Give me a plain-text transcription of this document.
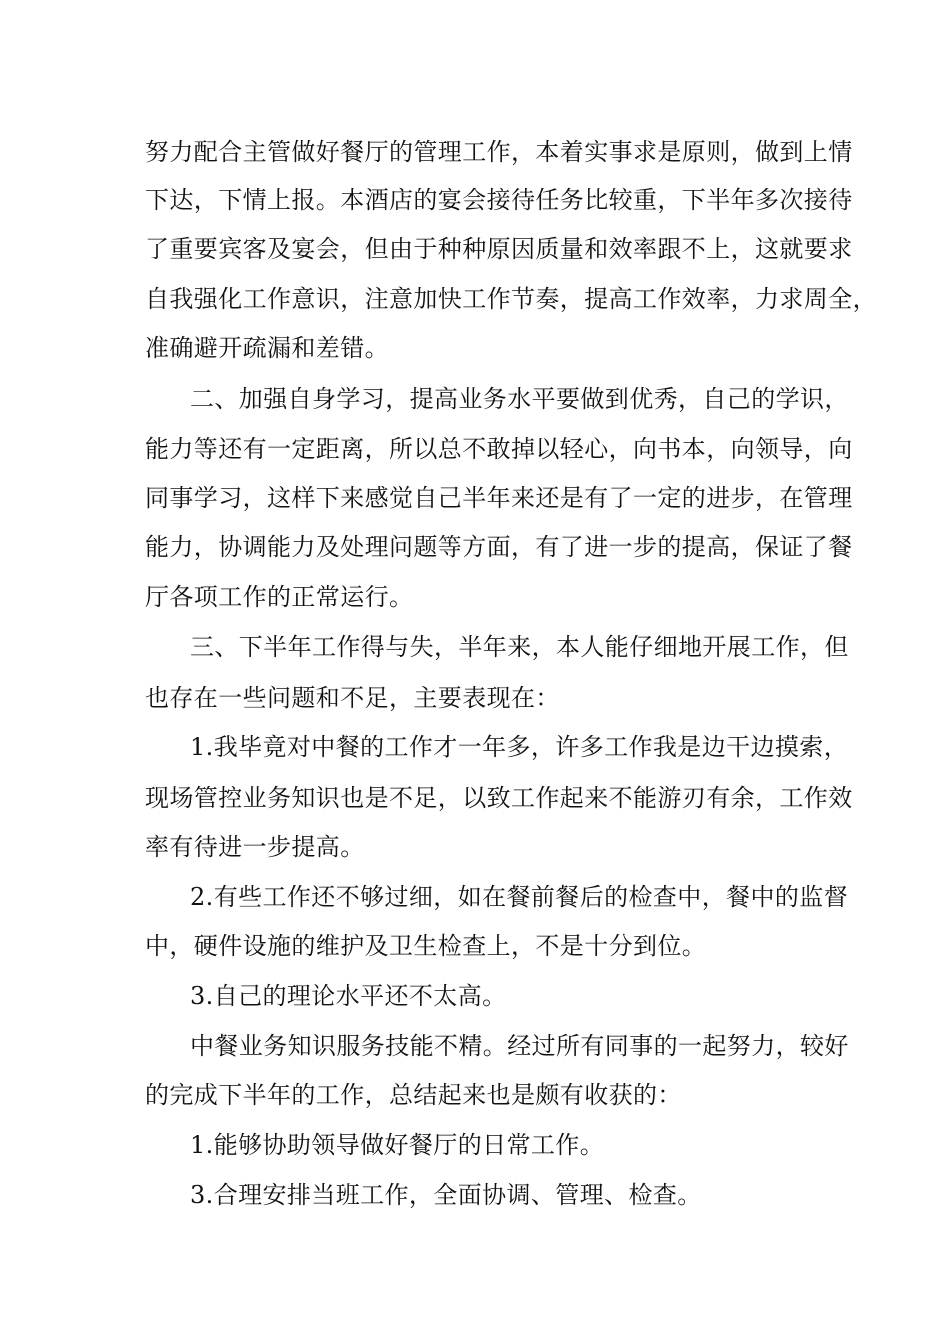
努力配合主管做好餐厅的管理工作，本着实事求是原则，做到上情
下达，下情上报。本酒店的宴会接待任务比较重，下半年多次接待
了重要宾客及宴会，但由于种种原因质量和效率跟不上，这就要求
自我强化工作意识，注意加快工作节奏，提高工作效率，力求周全，
准确避开疏漏和差错。
二、加强自身学习，提高业务水平要做到优秀，自己的学识，
能力等还有一定距离，所以总不敢掉以轻心，向书本，向领导，向
同事学习，这样下来感觉自己半年来还是有了一定的进步，在管理
能力，协调能力及处理问题等方面，有了进一步的提高，保证了餐
厅各项工作的正常运行。
三、下半年工作得与失，半年来，本人能仔细地开展工作，但
也存在一些问题和不足，主要表现在：
1.我毕竟对中餐的工作才一年多，许多工作我是边干边摸索，
现场管控业务知识也是不足，以致工作起来不能游刃有余，工作效
率有待进一步提高。
2.有些工作还不够过细，如在餐前餐后的检查中，餐中的监督
中，硬件设施的维护及卫生检查上，不是十分到位。
3.自己的理论水平还不太高。
中餐业务知识服务技能不精。经过所有同事的一起努力，较好
的完成下半年的工作，总结起来也是颇有收获的：
1.能够协助领导做好餐厅的日常工作。
3.合理安排当班工作，全面协调、管理、检查。
